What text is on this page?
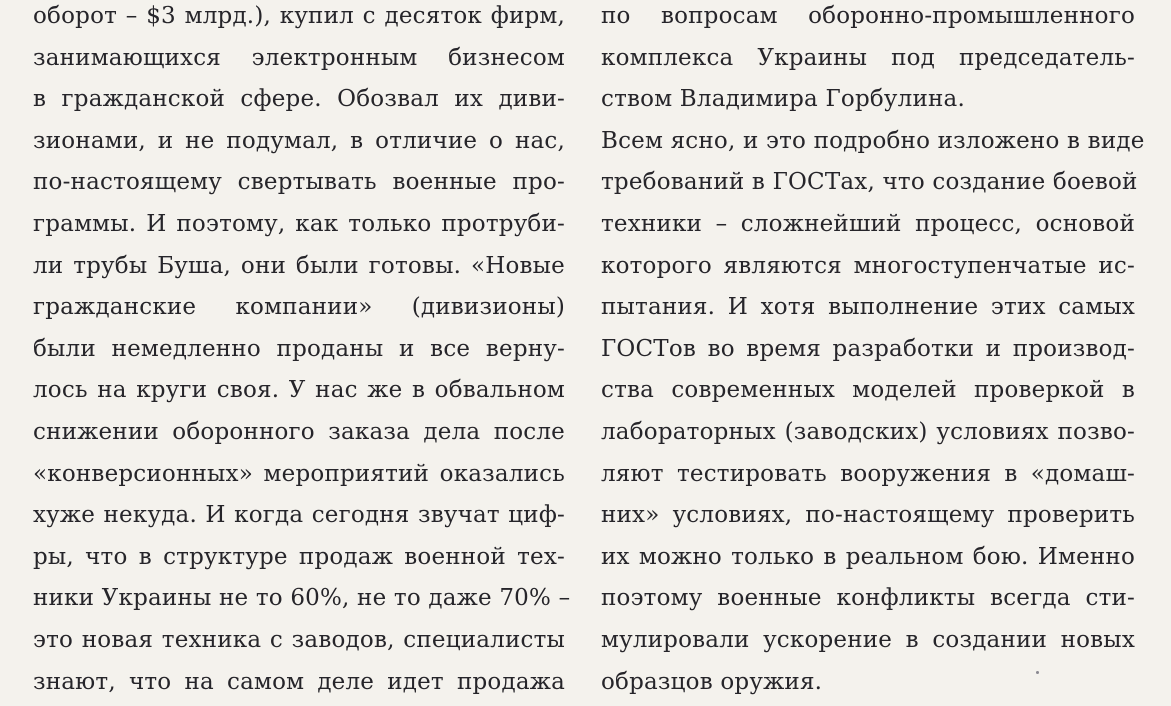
оборот – $3 млрд.), купил с десяток фирм,
занимающихся электронным бизнесом
в гражданской сфере. Обозвал их диви-
зионами, и не подумал, в отличие о нас,
по-настоящему свертывать военные про-
граммы. И поэтому, как только протруби-
ли трубы Буша, они были готовы. «Новые
гражданские компании» (дивизионы)
были немедленно проданы и все верну-
лось на круги своя. У нас же в обвальном
снижении оборонного заказа дела после
«конверсионных» мероприятий оказались
хуже некуда. И когда сегодня звучат циф-
ры, что в структуре продаж военной тех-
ники Украины не то 60%, не то даже 70% –
это новая техника с заводов, специалисты
знают, что на самом деле идет продажа
по вопросам оборонно-промышленного
комплекса Украины под председатель-
ством Владимира Горбулина.
Всем ясно, и это подробно изложено в виде
требований в ГОСТах, что создание боевой
техники – сложнейший процесс, основой
которого являются многоступенчатые ис-
пытания. И хотя выполнение этих самых
ГОСТов во время разработки и производ-
ства современных моделей проверкой в
лабораторных (заводских) условиях позво-
ляют тестировать вооружения в «домаш-
них» условиях, по-настоящему проверить
их можно только в реальном бою. Именно
поэтому военные конфликты всегда сти-
мулировали ускорение в создании новых
образцов оружия.
